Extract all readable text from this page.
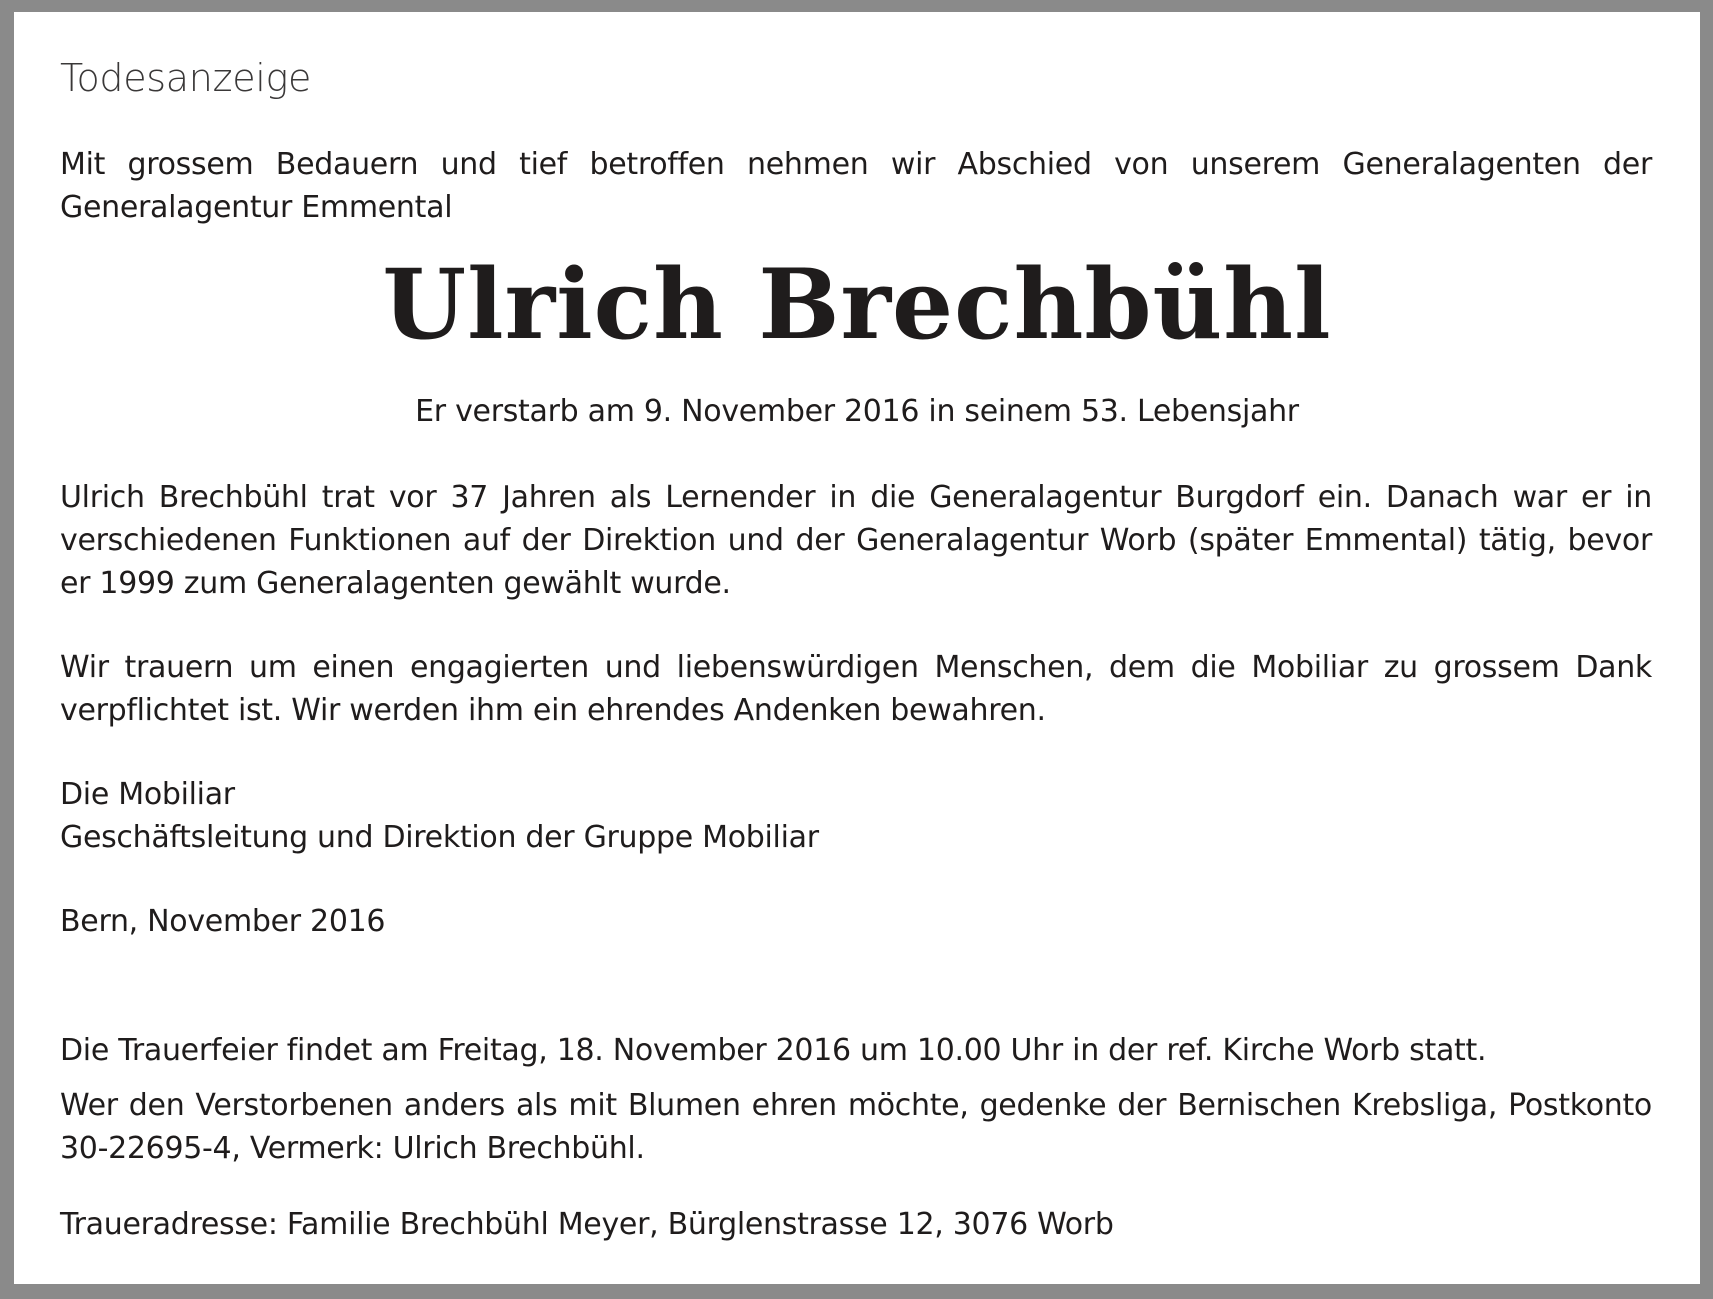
Todesanzeige

Mit grossem Bedauern und tief betroffen nehmen wir Abschied von unserem Generalagenten der Generalagentur Emmental

Ulrich Brechbühl

Er verstarb am 9. November 2016 in seinem 53. Lebensjahr

Ulrich Brechbühl trat vor 37 Jahren als Lernender in die Generalagentur Burgdorf ein. Danach war er in verschiedenen Funktionen auf der Direktion und der Generalagentur Worb (später Emmental) tätig, bevor er 1999 zum Generalagenten gewählt wurde.

Wir trauern um einen engagierten und liebenswürdigen Menschen, dem die Mobiliar zu grossem Dank verpflichtet ist. Wir werden ihm ein ehrendes Andenken bewahren.

Die Mobiliar
Geschäftsleitung und Direktion der Gruppe Mobiliar

Bern, November 2016

Die Trauerfeier findet am Freitag, 18. November 2016 um 10.00 Uhr in der ref. Kirche Worb statt.

Wer den Verstorbenen anders als mit Blumen ehren möchte, gedenke der Bernischen Krebsliga, Postkonto 30-22695-4, Vermerk: Ulrich Brechbühl.

Traueradresse: Familie Brechbühl Meyer, Bürglenstrasse 12, 3076 Worb
